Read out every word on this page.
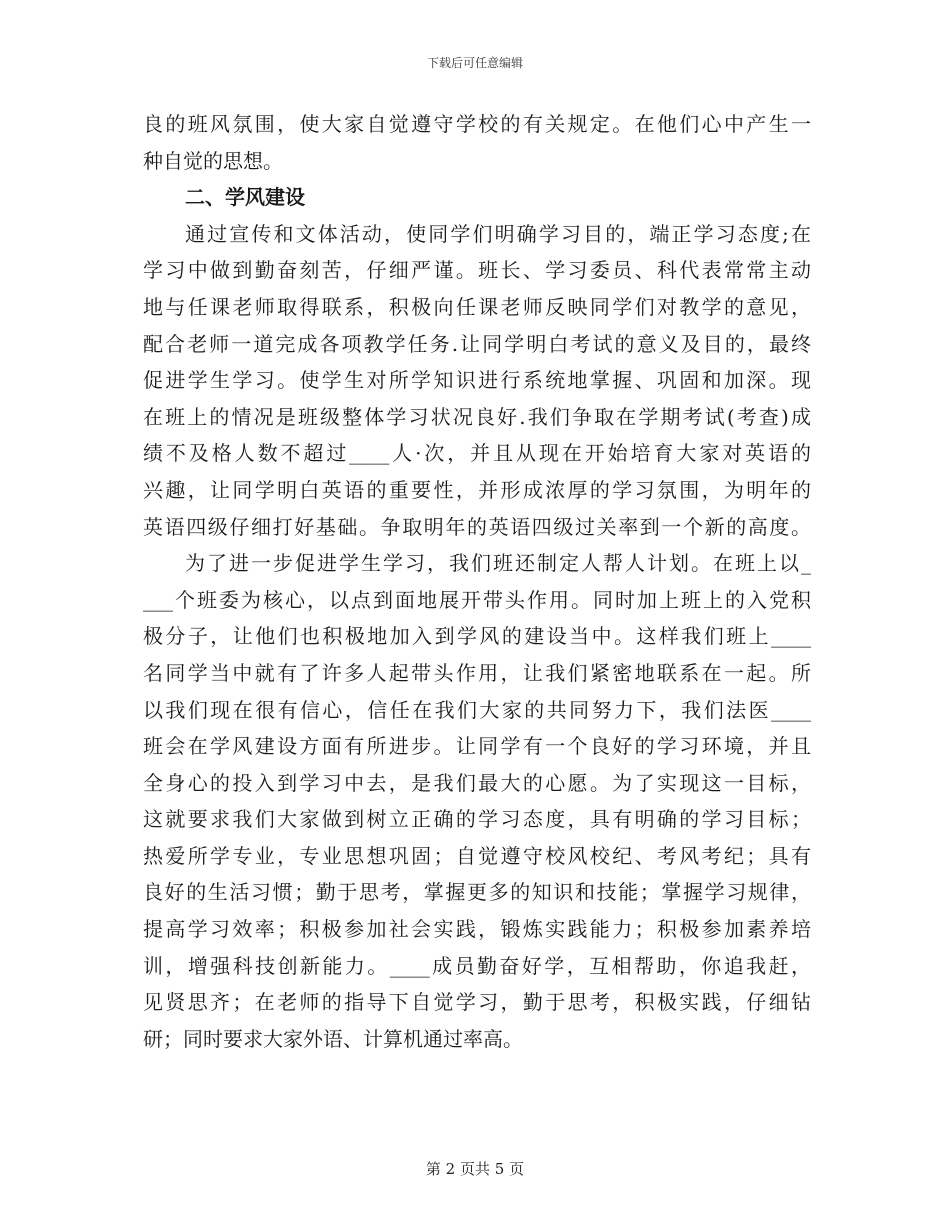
下载后可任意编辑

良的班风氛围，使大家自觉遵守学校的有关规定。在他们心中产生一
种自觉的思想。

二、学风建设

通过宣传和文体活动，使同学们明确学习目的，端正学习态度;在
学习中做到勤奋刻苦，仔细严谨。班长、学习委员、科代表常常主动
地与任课老师取得联系，积极向任课老师反映同学们对教学的意见，
配合老师一道完成各项教学任务.让同学明白考试的意义及目的，最终
促进学生学习。使学生对所学知识进行系统地掌握、巩固和加深。现
在班上的情况是班级整体学习状况良好.我们争取在学期考试(考查)成
绩不及格人数不超过____人·次，并且从现在开始培育大家对英语的
兴趣，让同学明白英语的重要性，并形成浓厚的学习氛围，为明年的
英语四级仔细打好基础。争取明年的英语四级过关率到一个新的高度。

为了进一步促进学生学习，我们班还制定人帮人计划。在班上以_
___个班委为核心，以点到面地展开带头作用。同时加上班上的入党积
极分子，让他们也积极地加入到学风的建设当中。这样我们班上____
名同学当中就有了许多人起带头作用，让我们紧密地联系在一起。所
以我们现在很有信心，信任在我们大家的共同努力下，我们法医____
班会在学风建设方面有所进步。让同学有一个良好的学习环境，并且
全身心的投入到学习中去，是我们最大的心愿。为了实现这一目标，
这就要求我们大家做到树立正确的学习态度，具有明确的学习目标；
热爱所学专业，专业思想巩固；自觉遵守校风校纪、考风考纪；具有
良好的生活习惯；勤于思考，掌握更多的知识和技能；掌握学习规律，
提高学习效率；积极参加社会实践，锻炼实践能力；积极参加素养培
训，增强科技创新能力。____成员勤奋好学，互相帮助，你追我赶，
见贤思齐；在老师的指导下自觉学习，勤于思考，积极实践，仔细钻
研；同时要求大家外语、计算机通过率高。

第 2 页共 5 页
